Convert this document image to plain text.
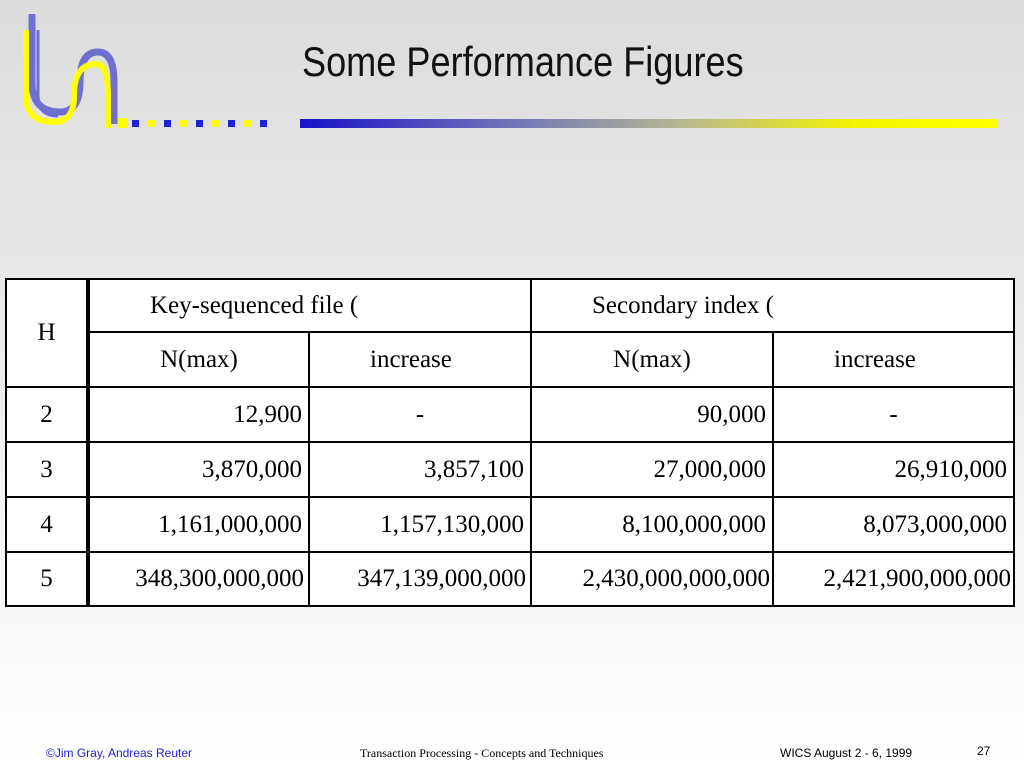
Some Performance Figures
H	Key-sequenced file (		Secondary index (	
	N(max)	increase	N(max)	increase
2	12,900	-	90,000	-
3	3,870,000	3,857,100	27,000,000	26,910,000
4	1,161,000,000	1,157,130,000	8,100,000,000	8,073,000,000
5	348,300,000,000	347,139,000,000	2,430,000,000,000	2,421,900,000,000
©Jim Gray, Andreas Reuter	Transaction Processing - Concepts and Techniques	WICS August 2 - 6, 1999	27
